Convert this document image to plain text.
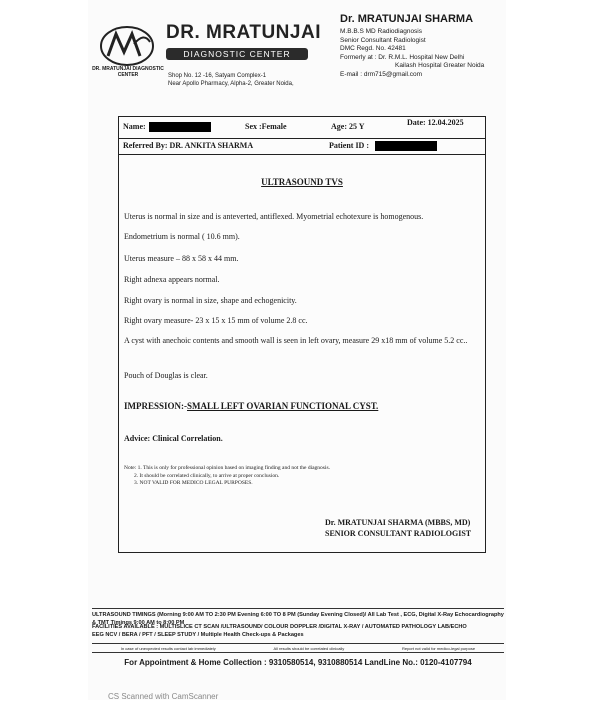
DR. MRATUNJAI DIAGNOSTIC CENTER
DR. MRATUNJAI
DIAGNOSTIC CENTER
Shop No. 12 -16, Satyam Complex-1
Near Apollo Pharmacy, Alpha-2, Greater Noida,
Dr. MRATUNJAI SHARMA
M.B.B.S MD Radiodiagnosis
Senior Consultant Radiologist
DMC Regd. No. 42481
Formerly at : Dr. R.M.L. Hospital New Delhi
Kailash Hospital Greater Noida
E-mail : drm715@gmail.com
Name:	Sex :Female	Age: 25 Y	Date: 12.04.2025
Referred By: DR. ANKITA SHARMA	Patient ID :
ULTRASOUND TVS
Uterus is normal in size and is anteverted, antiflexed. Myometrial echotexure is homogenous.
Endometrium is normal ( 10.6 mm).
Uterus measure – 88 x 58 x 44 mm.
Right adnexa appears normal.
Right ovary is normal in size, shape and echogenicity.
Right ovary measure- 23 x 15 x 15 mm of volume 2.8 cc.
A cyst with anechoic contents and smooth wall is seen in left ovary, measure 29 x18 mm of volume 5.2 cc..
Pouch of Douglas is clear.
IMPRESSION:-SMALL LEFT OVARIAN FUNCTIONAL CYST.
Advice: Clinical Correlation.
Note: 1. This is only for professional opinion based on imaging finding and not the diagnosis.
2. It should be correlated clinically, to arrive at proper conclusion.
3. NOT VALID FOR MEDICO LEGAL PURPOSES.
Dr. MRATUNJAI SHARMA (MBBS, MD)
SENIOR CONSULTANT RADIOLOGIST
ULTRASOUND TIMINGS (Morning 9:00 AM TO 2:30 PM Evening 6:00 TO 8 PM (Sunday Evening Closed)/ All Lab Test , ECG, Digital X-Ray Echocardiography & TMT Timings 9:00 AM to 8:00 PM
FACILITIES AVAILABLE : MULTISLICE CT SCAN /ULTRASOUND/ COLOUR DOPPLER /DIGITAL X-RAY / AUTOMATED PATHOLOGY LAB/ECHO
EEG NCV / BERA / PFT / SLEEP STUDY / Multiple Health Check-ups & Packages
In case of unexpected results contact lab immediately	All results should be correlated clinically	Report not valid for medico-legal purpose
For Appointment & Home Collection : 9310580514, 9310880514 LandLine No.: 0120-4107794
CS Scanned with CamScanner
